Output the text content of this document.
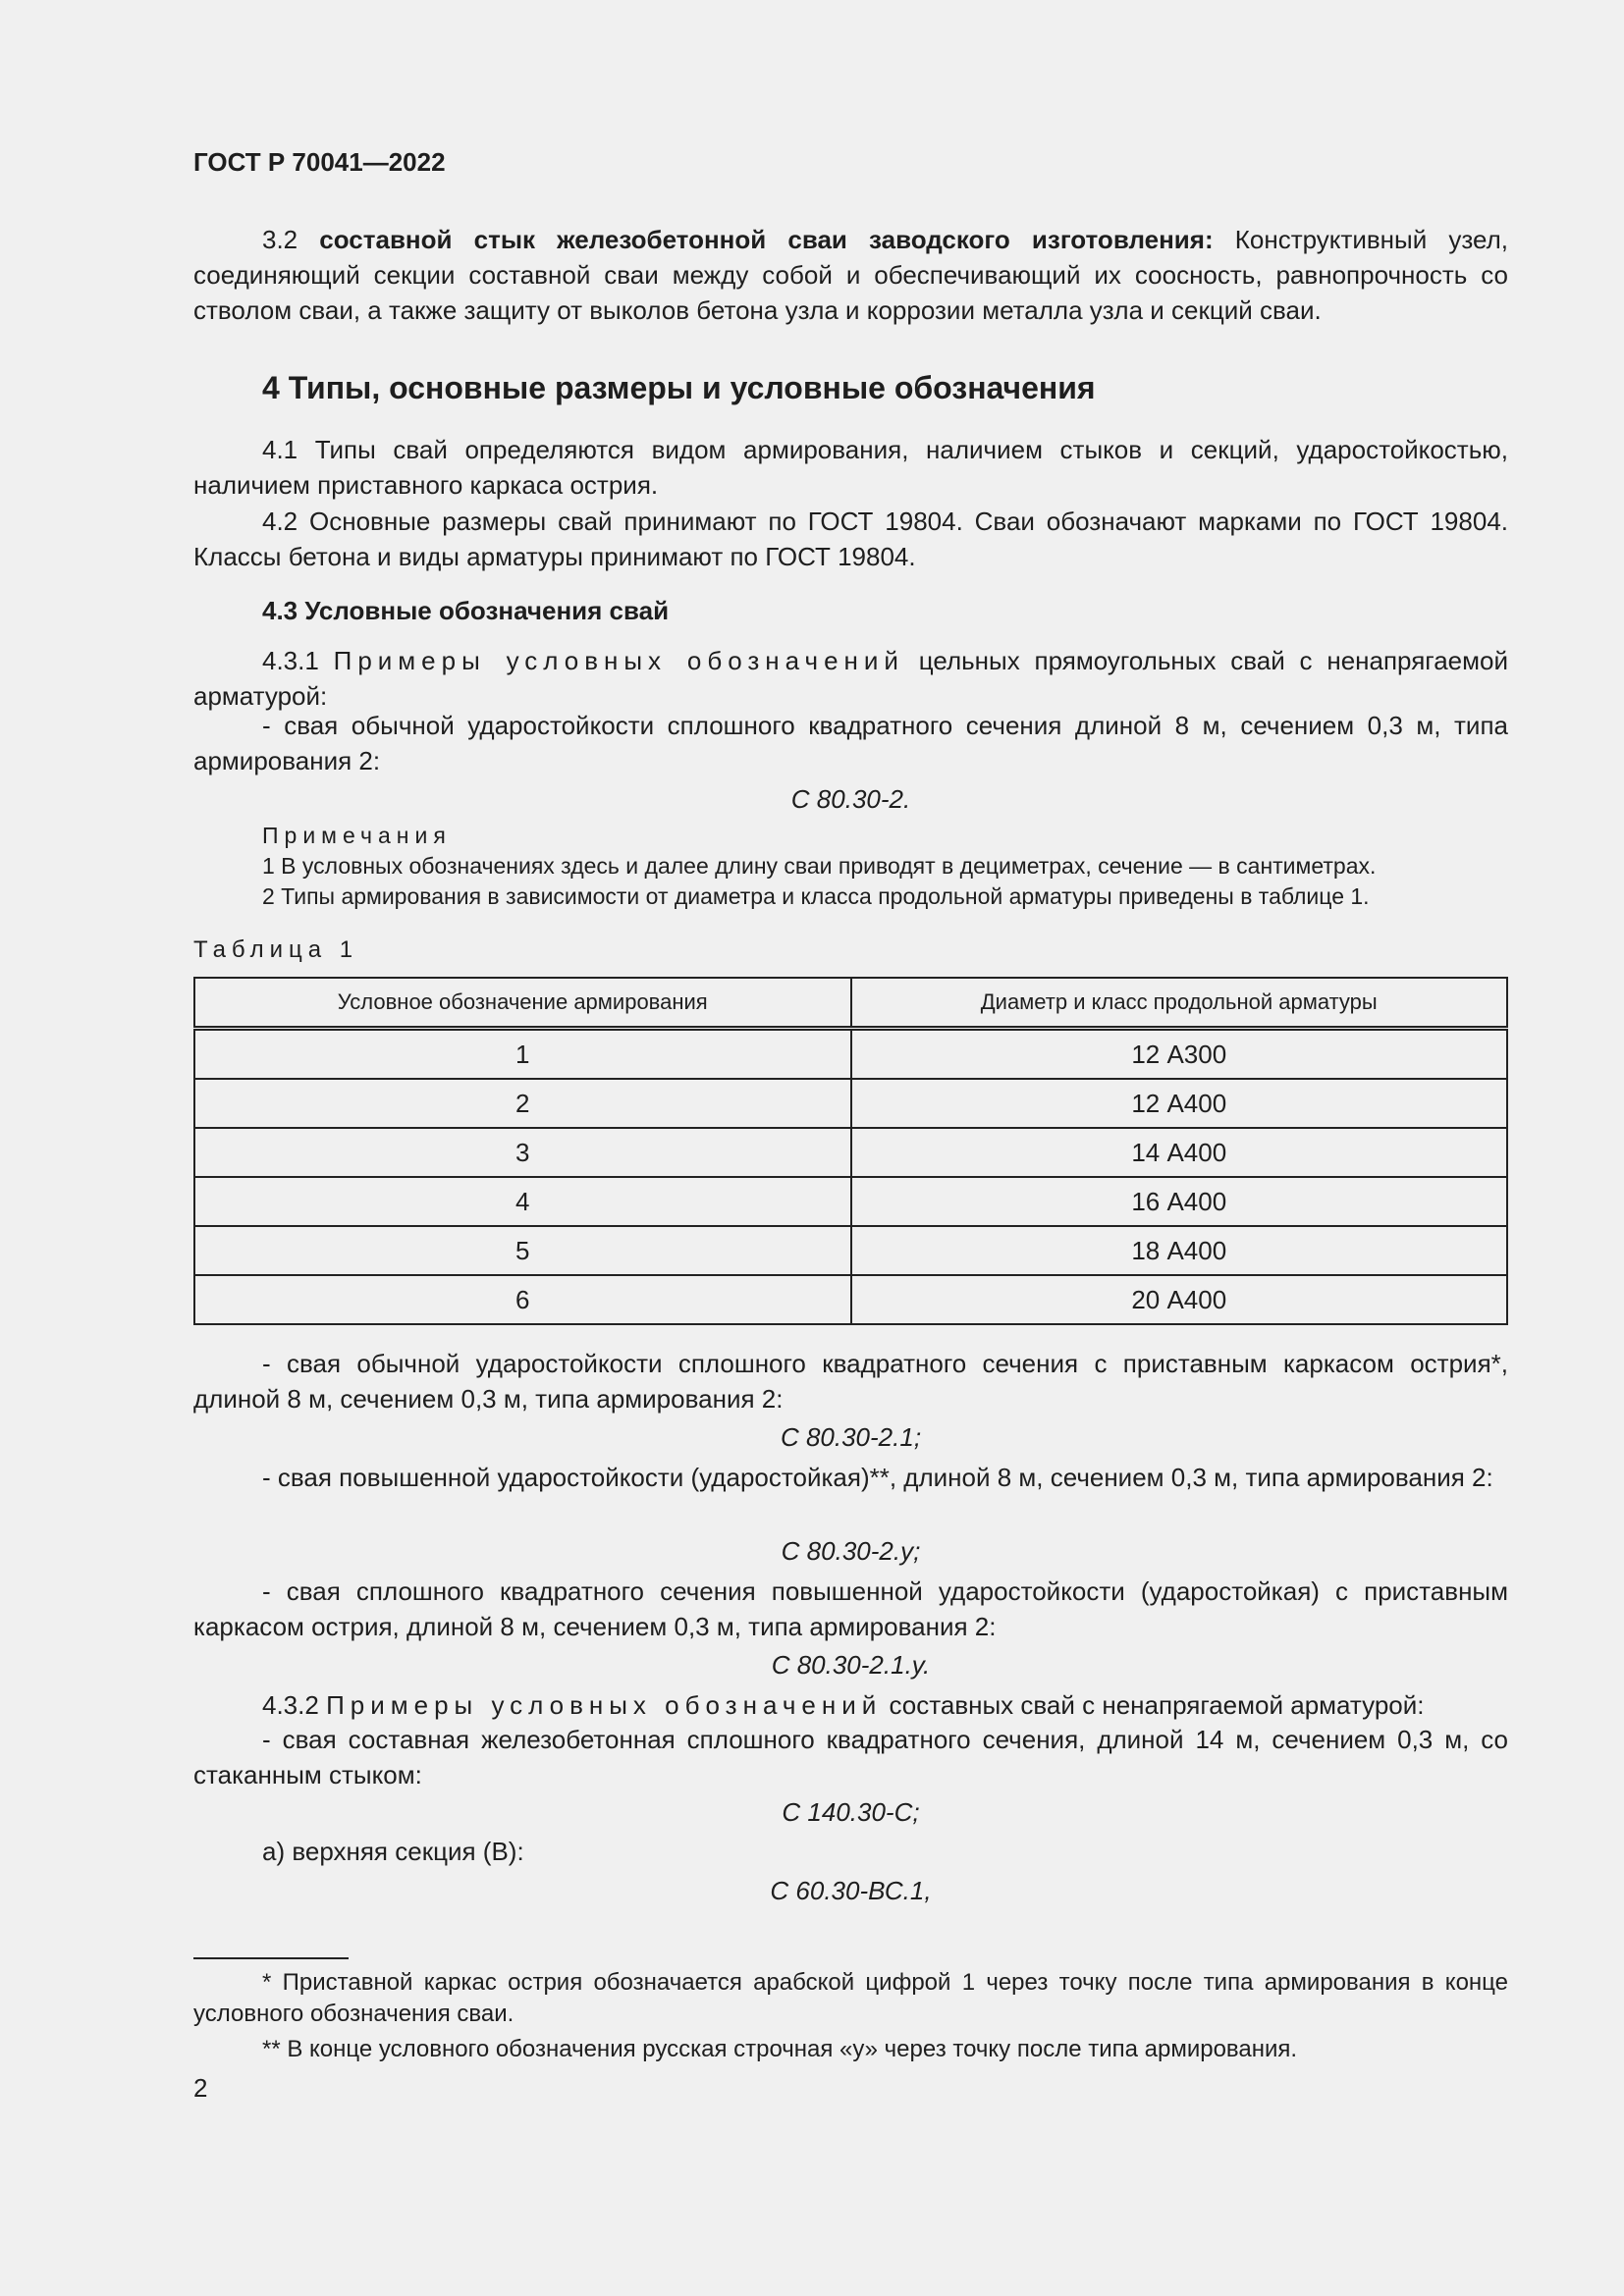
ГОСТ Р 70041—2022

3.2 составной стык железобетонной сваи заводского изготовления: Конструктивный узел, соединяющий секции составной сваи между собой и обеспечивающий их соосность, равнопрочность со стволом сваи, а также защиту от выколов бетона узла и коррозии металла узла и секций сваи.

4 Типы, основные размеры и условные обозначения

4.1 Типы свай определяются видом армирования, наличием стыков и секций, ударостойкостью, наличием приставного каркаса острия.

4.2 Основные размеры свай принимают по ГОСТ 19804. Сваи обозначают марками по ГОСТ 19804. Классы бетона и виды арматуры принимают по ГОСТ 19804.

4.3 Условные обозначения свай

4.3.1 Примеры условных обозначений цельных прямоугольных свай с ненапрягаемой арматурой:

- свая обычной ударостойкости сплошного квадратного сечения длиной 8 м, сечением 0,3 м, типа армирования 2:

С 80.30-2.

Примечания

1 В условных обозначениях здесь и далее длину сваи приводят в дециметрах, сечение — в сантиметрах.

2 Типы армирования в зависимости от диаметра и класса продольной арматуры приведены в таблице 1.

Таблица 1

Условное обозначение армирования	Диаметр и класс продольной арматуры
1	12 А300
2	12 А400
3	14 А400
4	16 А400
5	18 А400
6	20 А400

- свая обычной ударостойкости сплошного квадратного сечения с приставным каркасом острия*, длиной 8 м, сечением 0,3 м, типа армирования 2:

С 80.30-2.1;

- свая повышенной ударостойкости (ударостойкая)**, длиной 8 м, сечением 0,3 м, типа армирования 2:

С 80.30-2.у;

- свая сплошного квадратного сечения повышенной ударостойкости (ударостойкая) с приставным каркасом острия, длиной 8 м, сечением 0,3 м, типа армирования 2:

С 80.30-2.1.у.

4.3.2 Примеры условных обозначений составных свай с ненапрягаемой арматурой:

- свая составная железобетонная сплошного квадратного сечения, длиной 14 м, сечением 0,3 м, со стаканным стыком:

С 140.30-С;

а) верхняя секция (В):

С 60.30-ВС.1,

* Приставной каркас острия обозначается арабской цифрой 1 через точку после типа армирования в конце условного обозначения сваи.

** В конце условного обозначения русская строчная «у» через точку после типа армирования.

2
